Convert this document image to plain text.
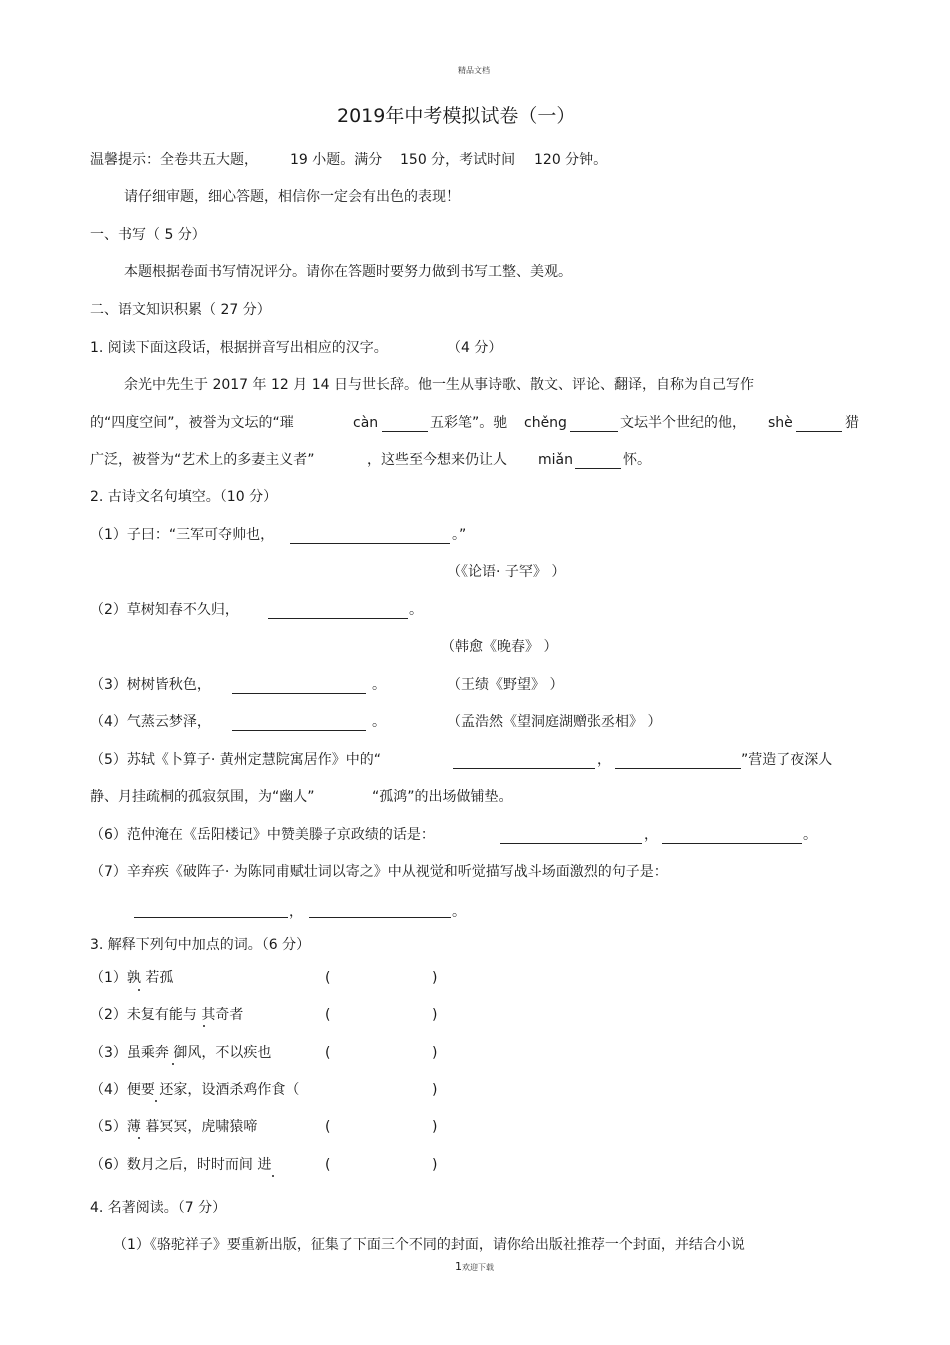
精品文档
2019年中考模拟试卷（一）
温馨提示：全卷共五大题， 19 小题。满分 150 分，考试时间 120 分钟。
请仔细审题，细心答题，相信你一定会有出色的表现！
一、书写（ 5 分）
本题根据卷面书写情况评分。请你在答题时要努力做到书写工整、美观。
二、语文知识积累（ 27 分）
1. 阅读下面这段话，根据拼音写出相应的汉字。	（4 分）
余光中先生于 2017 年 12 月 14 日与世长辞。他一生从事诗歌、散文、评论、翻译，自称为自己写作
的“四度空间”，被誉为文坛的“璀	càn	五彩笔”。驰 chěng	文坛半个世纪的他， shè	猎
广泛，被誉为“艺术上的多妻主义者”	，这些至今想来仍让人 miǎn	怀。
2. 古诗文名句填空。（10 分）
（1）子曰：“三军可夺帅也，	。”
（《论语· 子罕》 ）
（2）草树知春不久归，	。
（韩愈《晚春》 ）
（3）树树皆秋色，	。	（王绩《野望》 ）
（4）气蒸云梦泽，	。	（孟浩然《望洞庭湖赠张丞相》 ）
（5）苏轼《卜算子· 黄州定慧院寓居作》中的“	，	”营造了夜深人
静、月挂疏桐的孤寂氛围，为“幽人”	“孤鸿”的出场做铺垫。
（6）范仲淹在《岳阳楼记》中赞美滕子京政绩的话是：	，	。
（7）辛弃疾《破阵子· 为陈同甫赋壮词以寄之》中从视觉和听觉描写战斗场面激烈的句子是：
，	。
3. 解释下列句中加点的词。（6 分）
（1）孰 若孤	(	)
（2）未复有能与 其奇者	(	)
（3）虽乘奔 御风，不以疾也	(	)
（4）便要 还家，设酒杀鸡作食（	)
（5）薄 暮冥冥，虎啸猿啼	(	)
（6）数月之后，时时而间 进	(	)
4. 名著阅读。（7 分）
（1）《骆驼祥子》要重新出版，征集了下面三个不同的封面，请你给出版社推荐一个封面，并结合小说
1 欢迎下载
